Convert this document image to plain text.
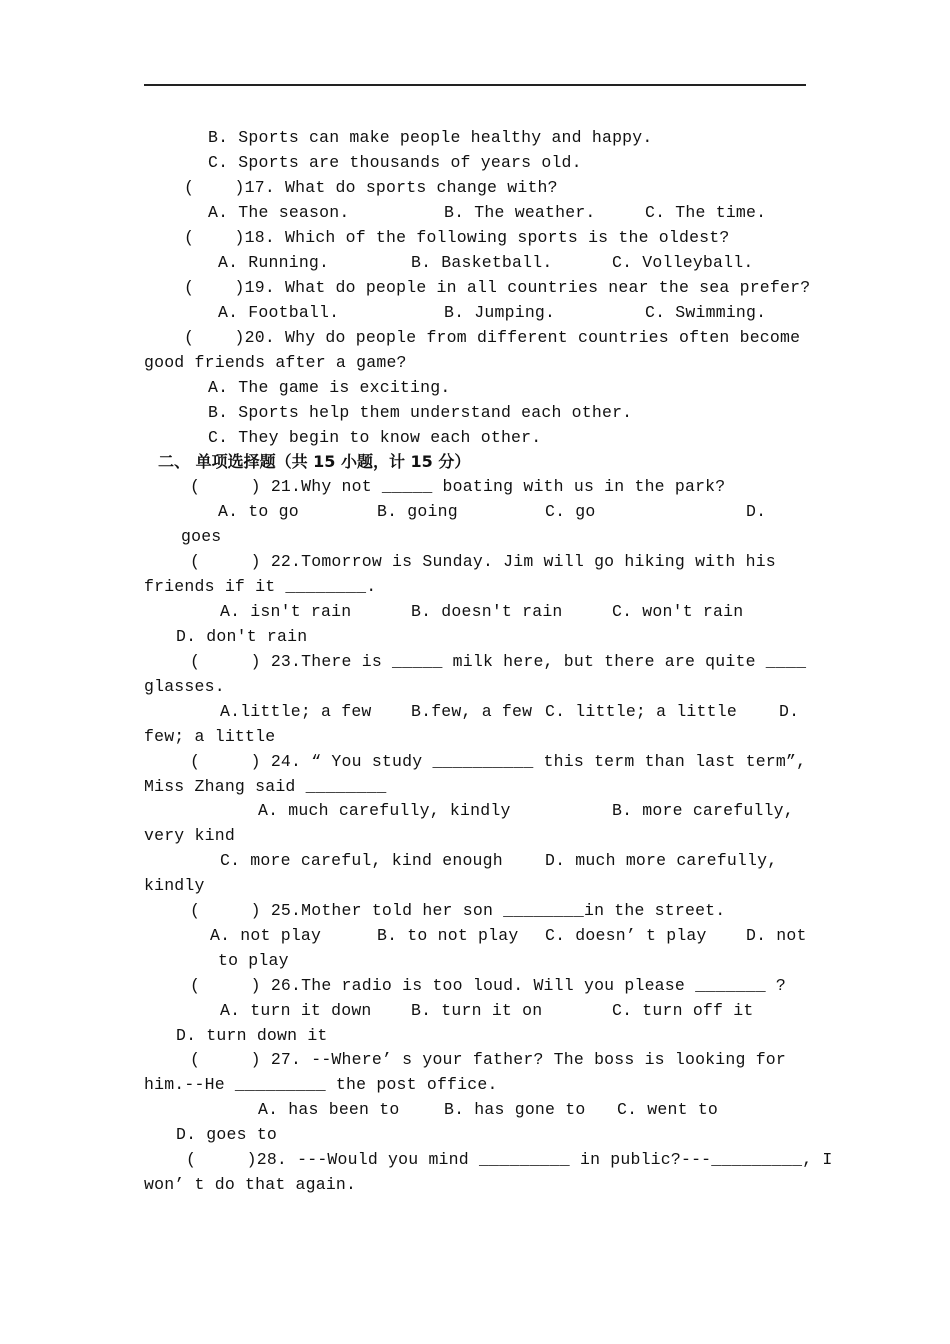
B. Sports can make people healthy and happy.
C. Sports are thousands of years old.
(    )17. What do sports change with?
A. The season.	B. The weather.	C. The time.
(    )18. Which of the following sports is the oldest?
A. Running.	B. Basketball.	C. Volleyball.
(    )19. What do people in all countries near the sea prefer?
A. Football.	B. Jumping.	C. Swimming.
(    )20. Why do people from different countries often become
good friends after a game?
A. The game is exciting.
B. Sports help them understand each other.
C. They begin to know each other.
二、 单项选择题（共 15 小题，计 15 分）
(     ) 21.Why not _____ boating with us in the park?
A. to go	B. going	C. go	D.
goes
(     ) 22.Tomorrow is Sunday. Jim will go hiking with his
friends if it ________.
A. isn't rain	B. doesn't rain	C. won't rain
D. don't rain
(     ) 23.There is _____ milk here, but there are quite ____
glasses.
A.little; a few B.few, a few C. little; a little	D.
few; a little
(     ) 24. “ You study __________ this term than last term”,
Miss Zhang said ________
A. much carefully, kindly	B. more carefully,
very kind
C. more careful, kind enough	D. much more carefully,
kindly
(     ) 25.Mother told her son ________in the street.
A. not play	B. to not play C. doesn’ t play D. not
to play
(     ) 26.The radio is too loud. Will you please _______ ?
A. turn it down B. turn it on	C. turn off it
D. turn down it
(     ) 27. --Where’ s your father? The boss is looking for
him.--He _________ the post office.
A. has been to	B. has gone to C. went to
D. goes to
(     )28. ---Would you mind _________ in public?---_________, I
won’ t do that again.
